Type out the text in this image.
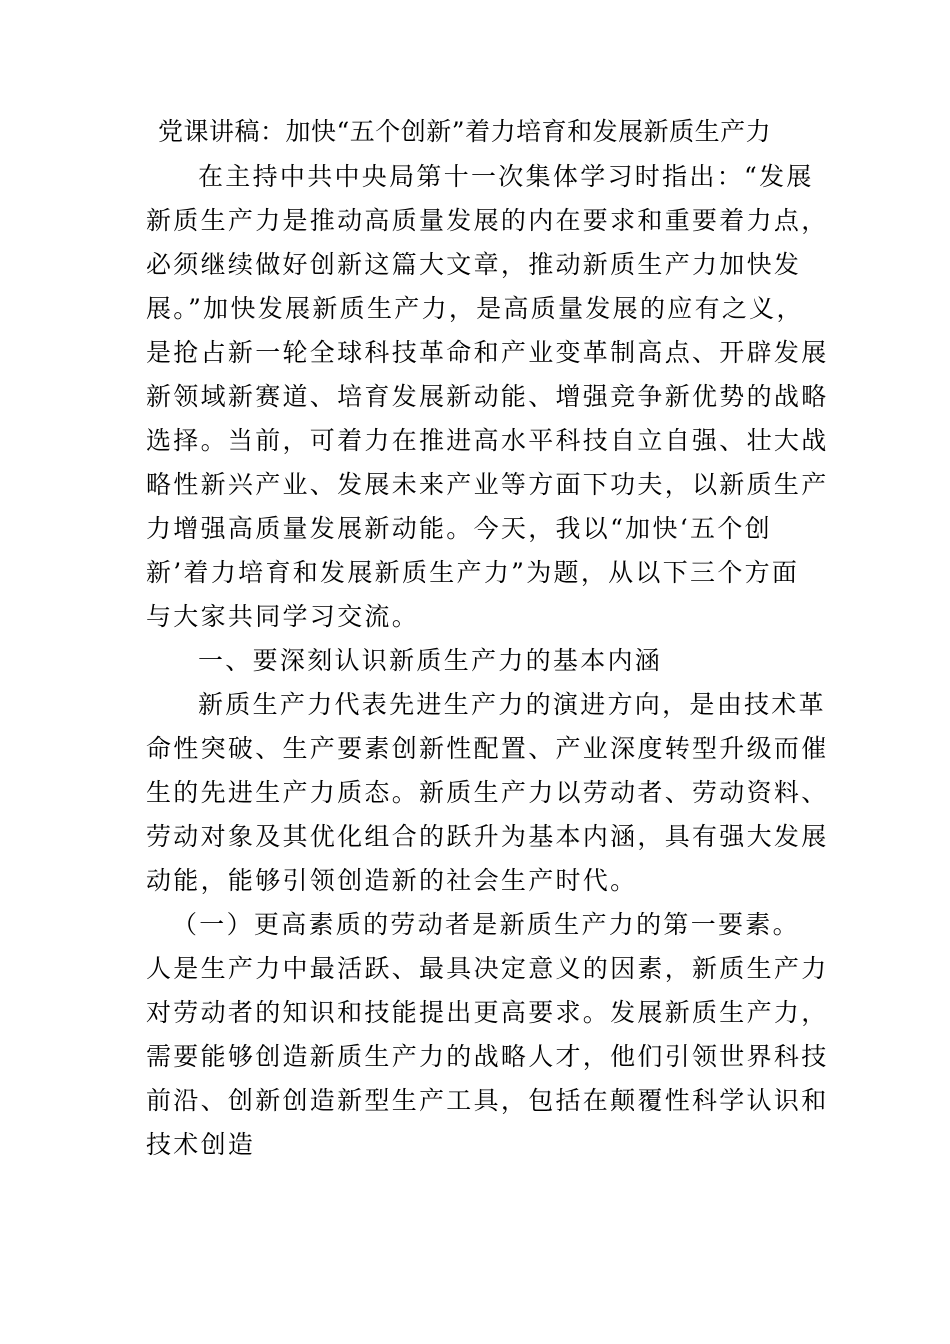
党课讲稿：加快“五个创新”着力培育和发展新质生产力
在主持中共中央局第十一次集体学习时指出：“发展
新质生产力是推动高质量发展的内在要求和重要着力点，
必须继续做好创新这篇大文章，推动新质生产力加快发
展。”加快发展新质生产力，是高质量发展的应有之义，
是抢占新一轮全球科技革命和产业变革制高点、开辟发展
新领域新赛道、培育发展新动能、增强竞争新优势的战略
选择。当前，可着力在推进高水平科技自立自强、壮大战
略性新兴产业、发展未来产业等方面下功夫，以新质生产
力增强高质量发展新动能。今天，我以“加快‘五个创
新’着力培育和发展新质生产力”为题，从以下三个方面
与大家共同学习交流。
一、要深刻认识新质生产力的基本内涵
新质生产力代表先进生产力的演进方向，是由技术革
命性突破、生产要素创新性配置、产业深度转型升级而催
生的先进生产力质态。新质生产力以劳动者、劳动资料、
劳动对象及其优化组合的跃升为基本内涵，具有强大发展
动能，能够引领创造新的社会生产时代。
（一）更高素质的劳动者是新质生产力的第一要素。
人是生产力中最活跃、最具决定意义的因素，新质生产力
对劳动者的知识和技能提出更高要求。发展新质生产力，
需要能够创造新质生产力的战略人才，他们引领世界科技
前沿、创新创造新型生产工具，包括在颠覆性科学认识和
技术创造
